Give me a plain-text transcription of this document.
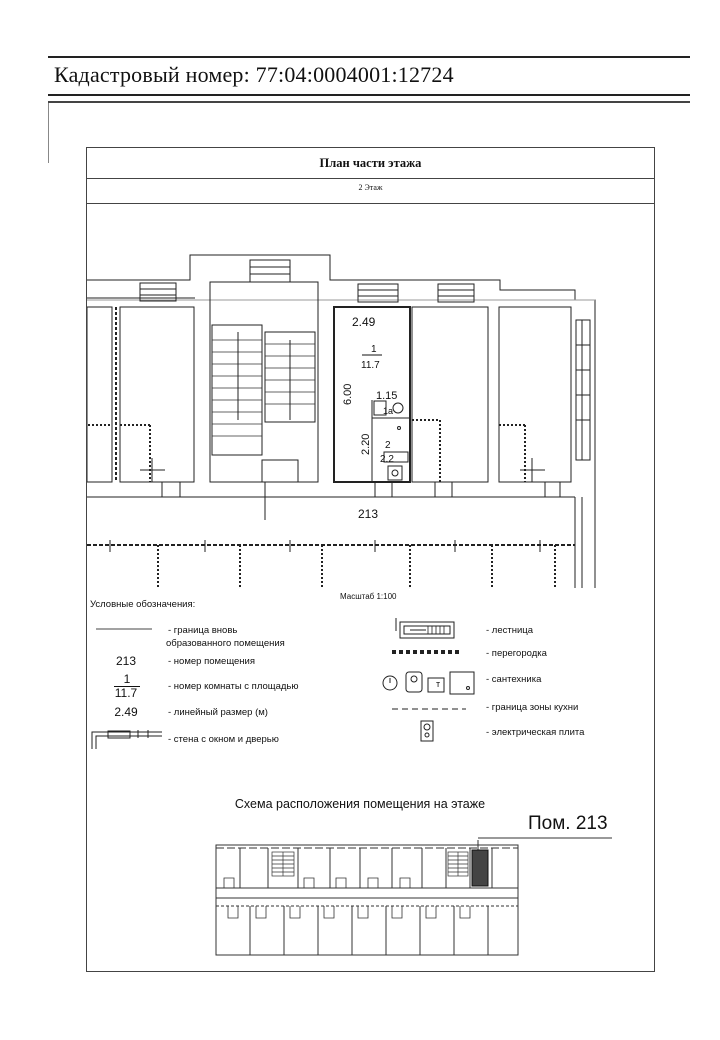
Кадастровый номер: 77:04:0004001:12724
План части этажа
2 Этаж
2.49
1
11.7
6.00 1.15
1а
2.20 2
2.2
213
Масштаб 1:100
Условные обозначения:
- граница вновь
образованного помещения
213	- номер помещения
1
11.7	- номер комнаты с площадью
2.49	- линейный размер (м)
- стена с окном и дверью
- лестница
- перегородка
т	- сантехника
- граница зоны кухни
- электрическая плита
Схема расположения помещения на этаже
Пом. 213
